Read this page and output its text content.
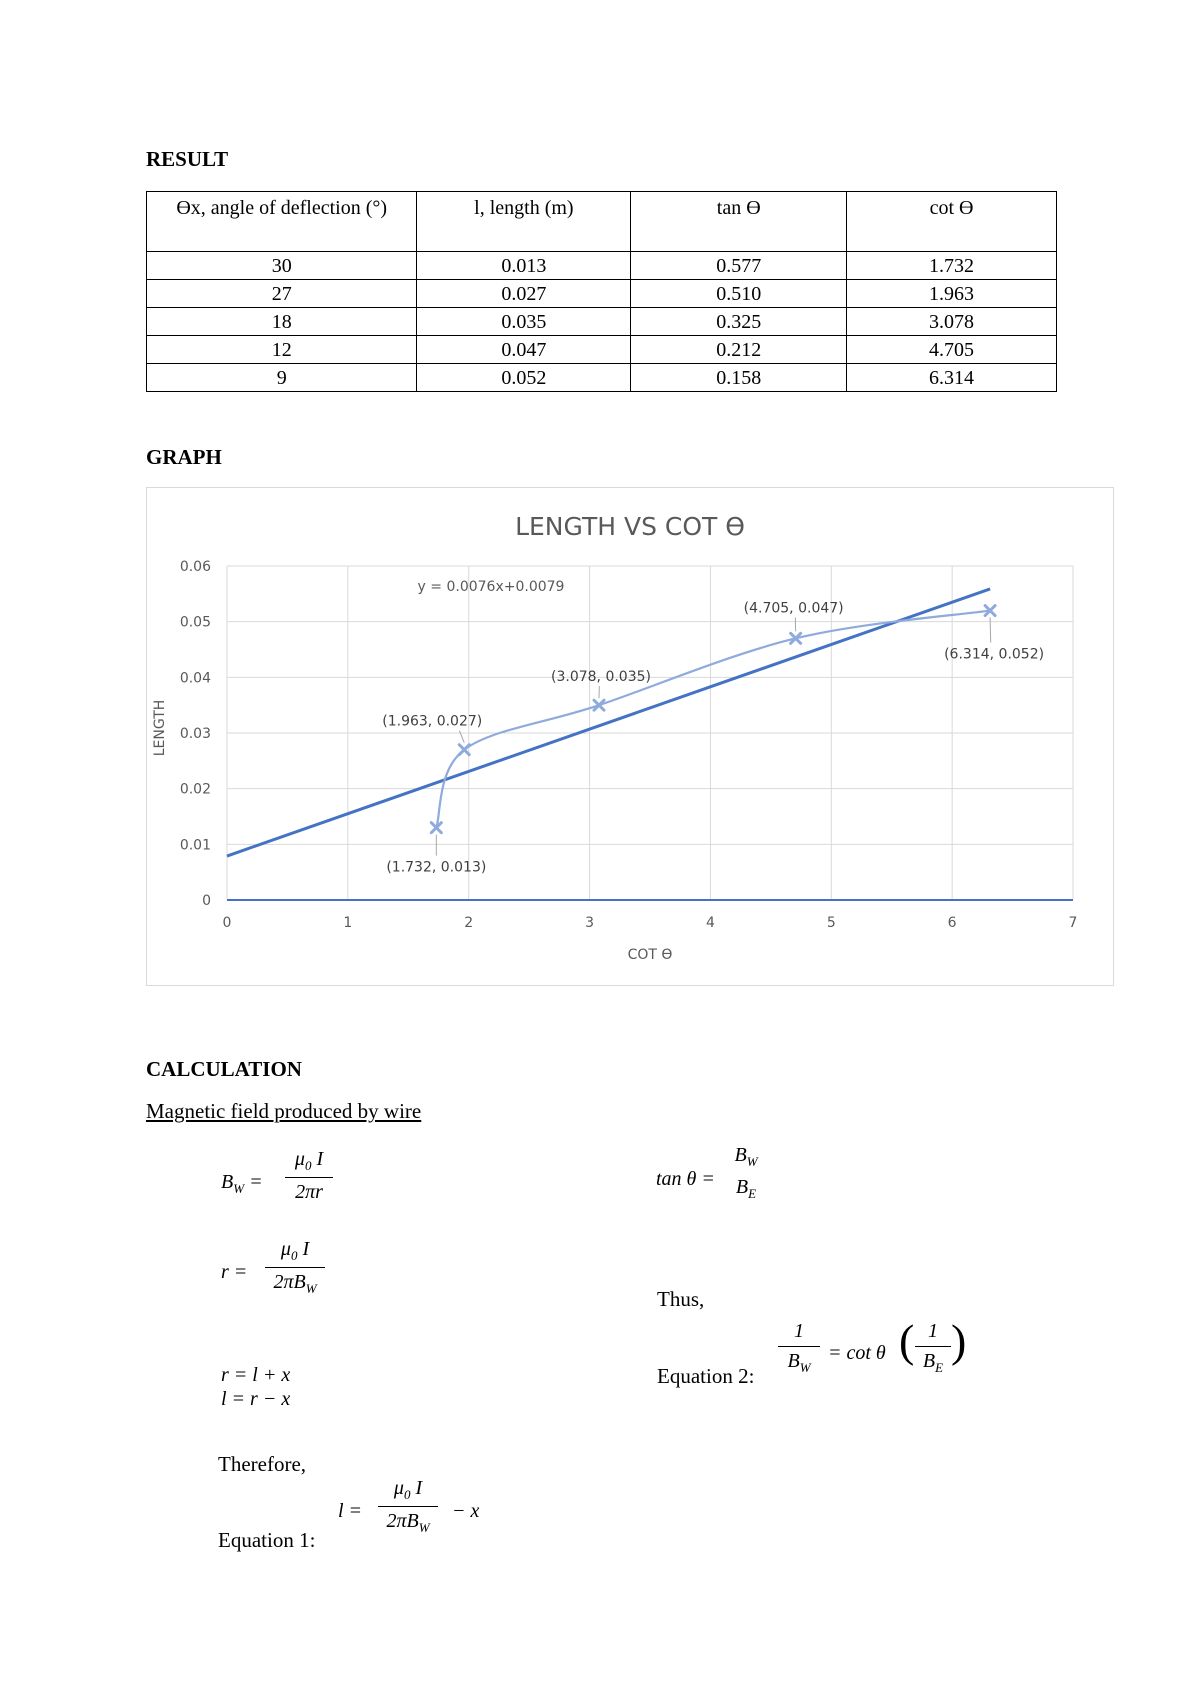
RESULT
ϴx, angle of deflection (°)	l, length (m)	tan ϴ	cot ϴ
30	0.013	0.577	1.732
27	0.027	0.510	1.963
18	0.035	0.325	3.078
12	0.047	0.212	4.705
9	0.052	0.158	6.314
GRAPH
LENGTH VS COT ϴ
y = 0.0076x+0.0079
COT ϴ
LENGTH
0	1	2	3	4	5	6	7
0
0.01
0.02
0.03
0.04
0.05
0.06
(1.732, 0.013)
(1.963, 0.027)
(3.078, 0.035)
(4.705, 0.047)
(6.314, 0.052)
CALCULATION
Magnetic field produced by wire
$B_W = \frac{\mu_0 I}{2\pi r}$
r =
$\mu_0$ I
$2\pi B_W$
r = l + x
l = r − x
Therefore,
Equation 1:
l =
$\mu_0$ I
$2\pi B_W$
− x
tan θ =
$B_W$
$B_E$
Thus,
Equation 2: $\frac{1}{B_W} = \cot \theta$ ( $\frac{1}{B_E}$ )
